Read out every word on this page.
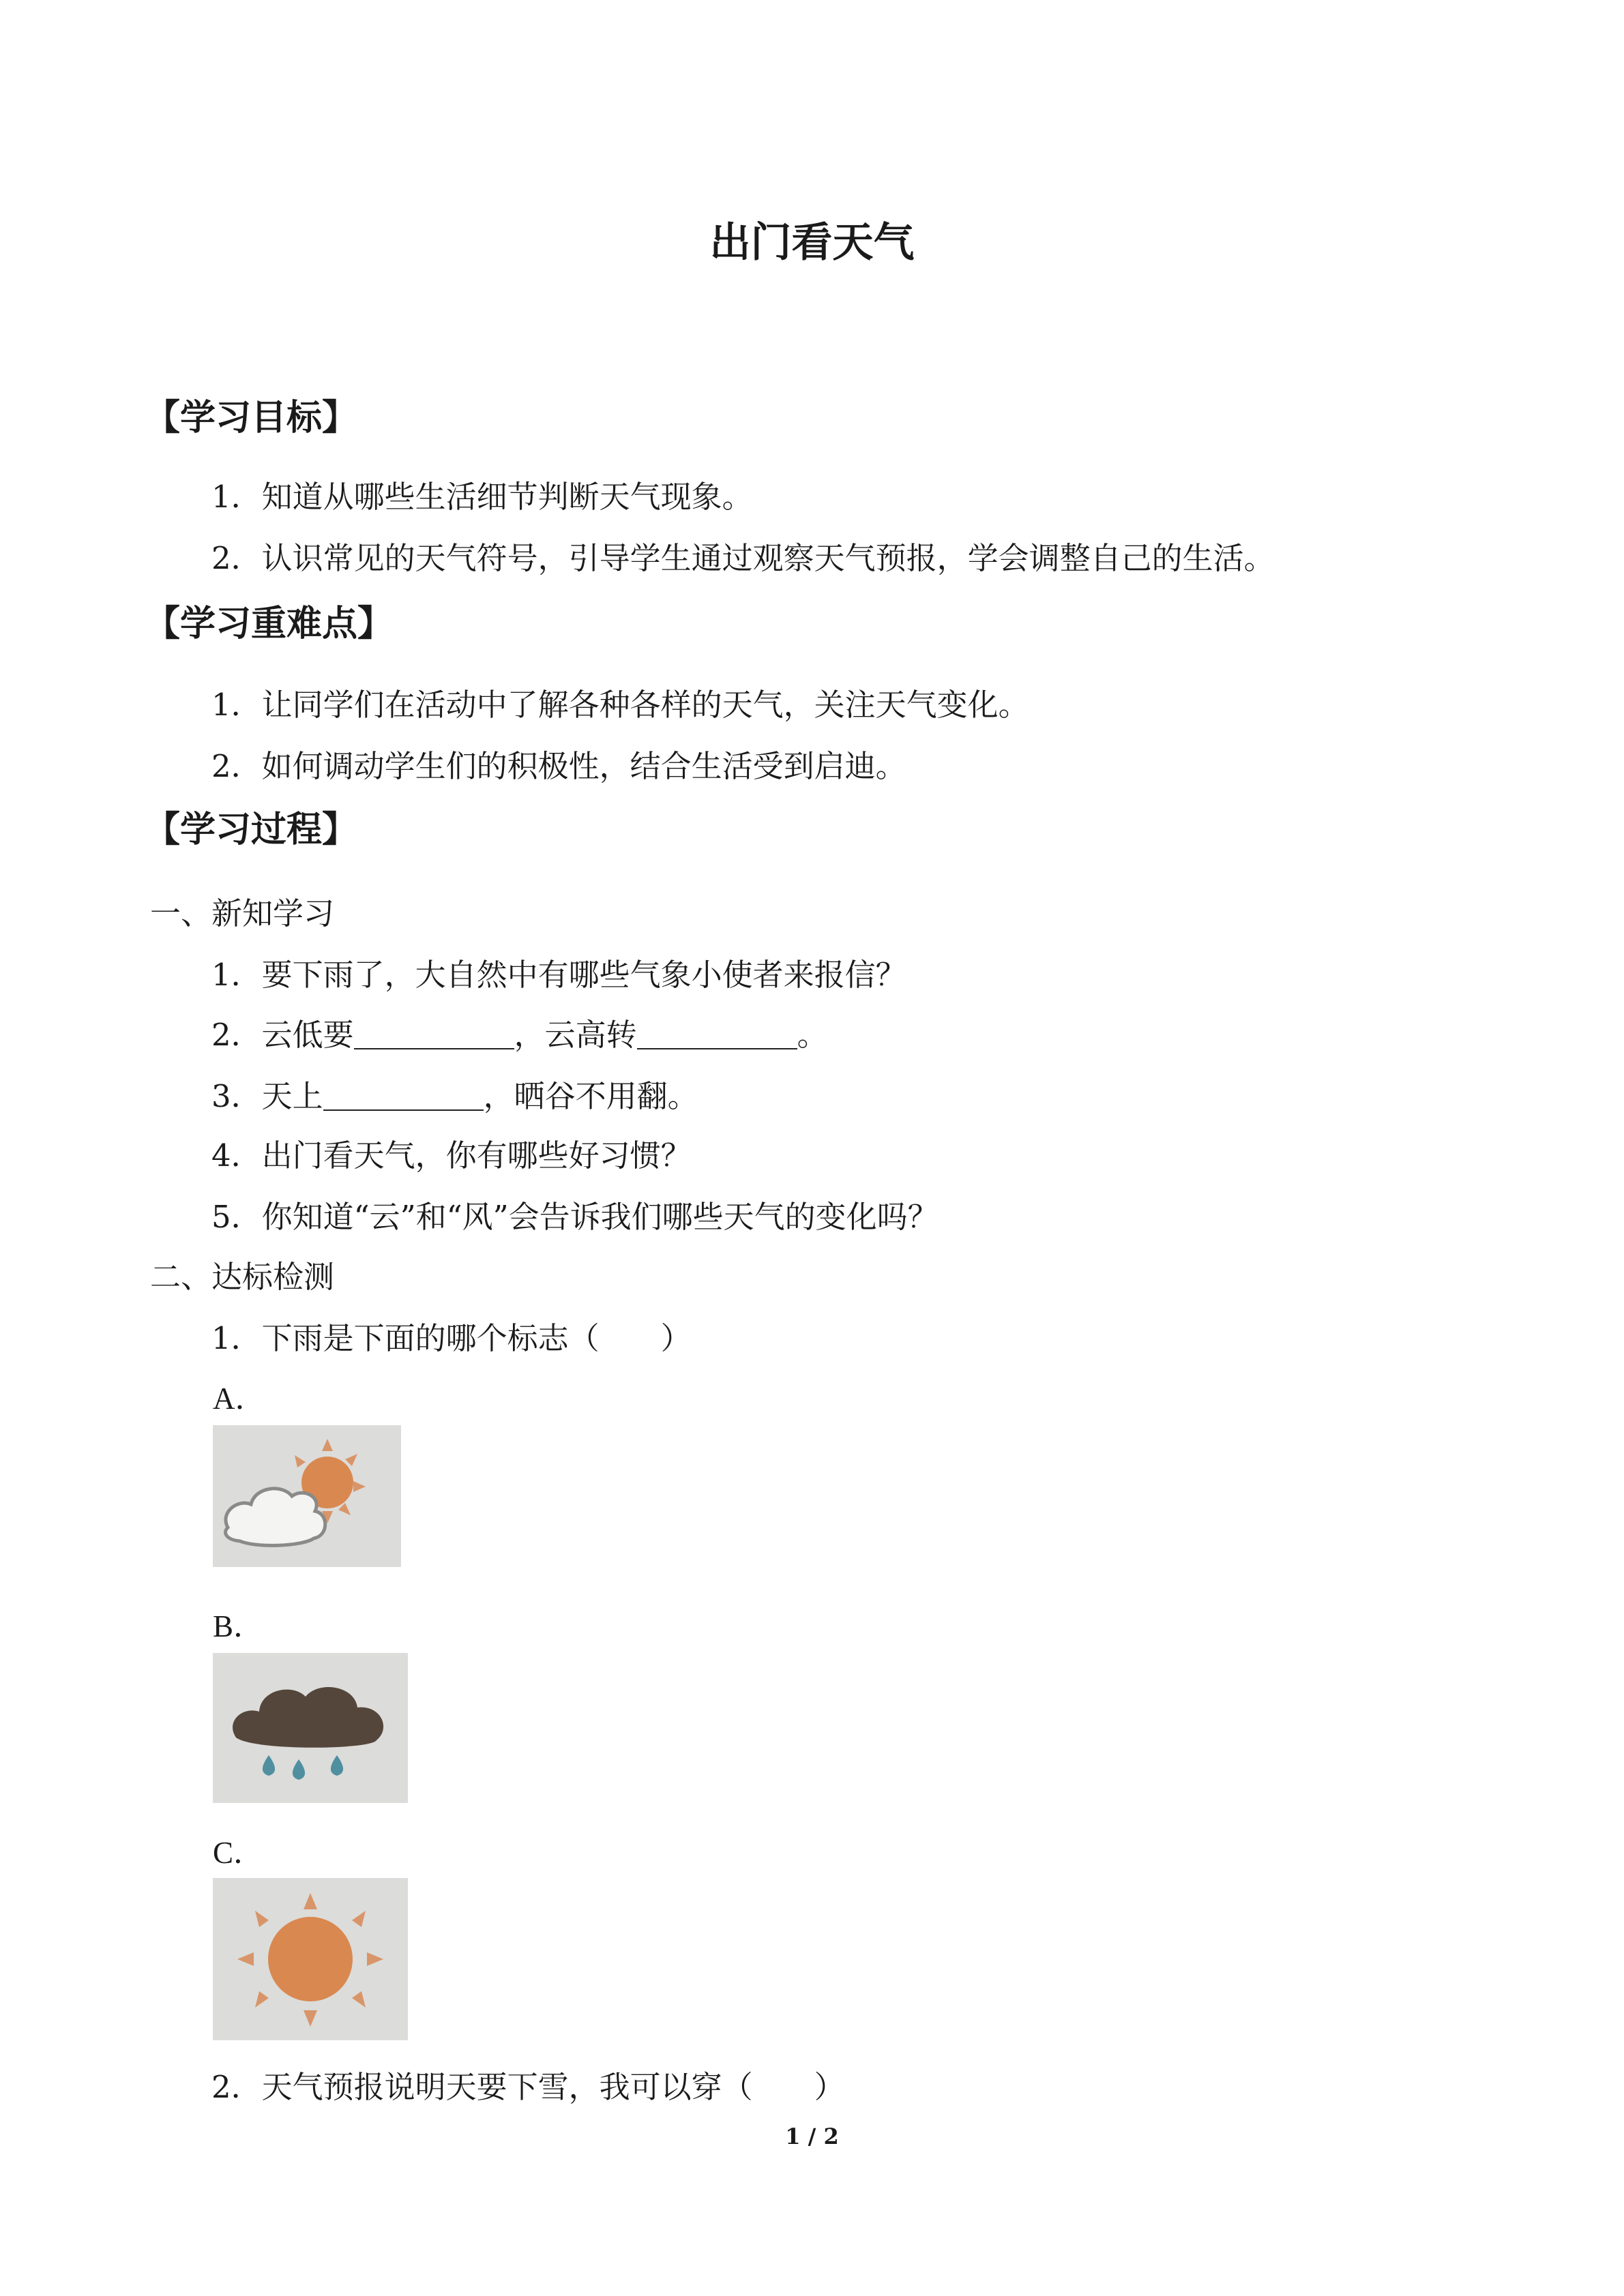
出门看天气
【学习目标】
1．知道从哪些生活细节判断天气现象。
2．认识常见的天气符号，引导学生通过观察天气预报，学会调整自己的生活。
【学习重难点】
1．让同学们在活动中了解各种各样的天气，关注天气变化。
2．如何调动学生们的积极性，结合生活受到启迪。
【学习过程】
一、新知学习
1．要下雨了，大自然中有哪些气象小使者来报信？
2．云低要	，云高转	。
3．天上	，晒谷不用翻。
4．出门看天气，你有哪些好习惯？
5．你知道“云”和“风”会告诉我们哪些天气的变化吗？
二、达标检测
1．下雨是下面的哪个标志（ ）
A．
B．
C．
2．天气预报说明天要下雪，我可以穿（ ）
1 / 2
